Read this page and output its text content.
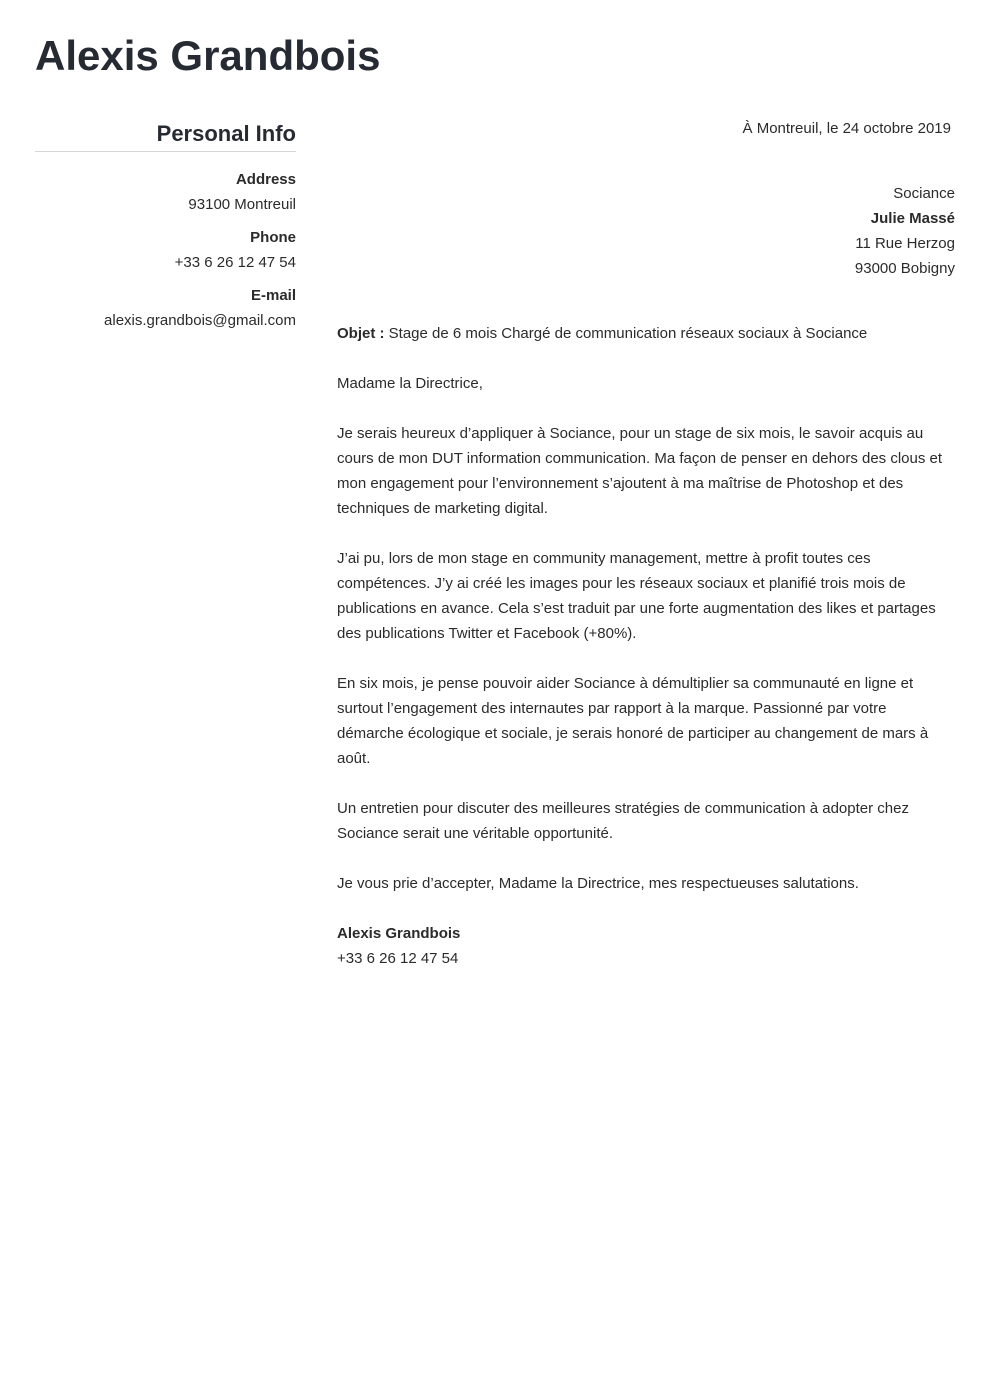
Alexis Grandbois
Personal Info
Address
93100 Montreuil
Phone
+33 6 26 12 47 54
E-mail
alexis.grandbois@gmail.com
À Montreuil, le 24 octobre 2019
Sociance
Julie Massé
11 Rue Herzog
93000 Bobigny
Objet : Stage de 6 mois Chargé de communication réseaux sociaux à Sociance
Madame la Directrice,
Je serais heureux d’appliquer à Sociance, pour un stage de six mois, le savoir acquis au cours de mon DUT information communication. Ma façon de penser en dehors des clous et mon engagement pour l’environnement s’ajoutent à ma maîtrise de Photoshop et des techniques de marketing digital.
J’ai pu, lors de mon stage en community management, mettre à profit toutes ces compétences. J’y ai créé les images pour les réseaux sociaux et planifié trois mois de publications en avance. Cela s’est traduit par une forte augmentation des likes et partages des publications Twitter et Facebook (+80%).
En six mois, je pense pouvoir aider Sociance à démultiplier sa communauté en ligne et surtout l’engagement des internautes par rapport à la marque. Passionné par votre démarche écologique et sociale, je serais honoré de participer au changement de mars à août.
Un entretien pour discuter des meilleures stratégies de communication à adopter chez Sociance serait une véritable opportunité.
Je vous prie d’accepter, Madame la Directrice, mes respectueuses salutations.
Alexis Grandbois
+33 6 26 12 47 54
